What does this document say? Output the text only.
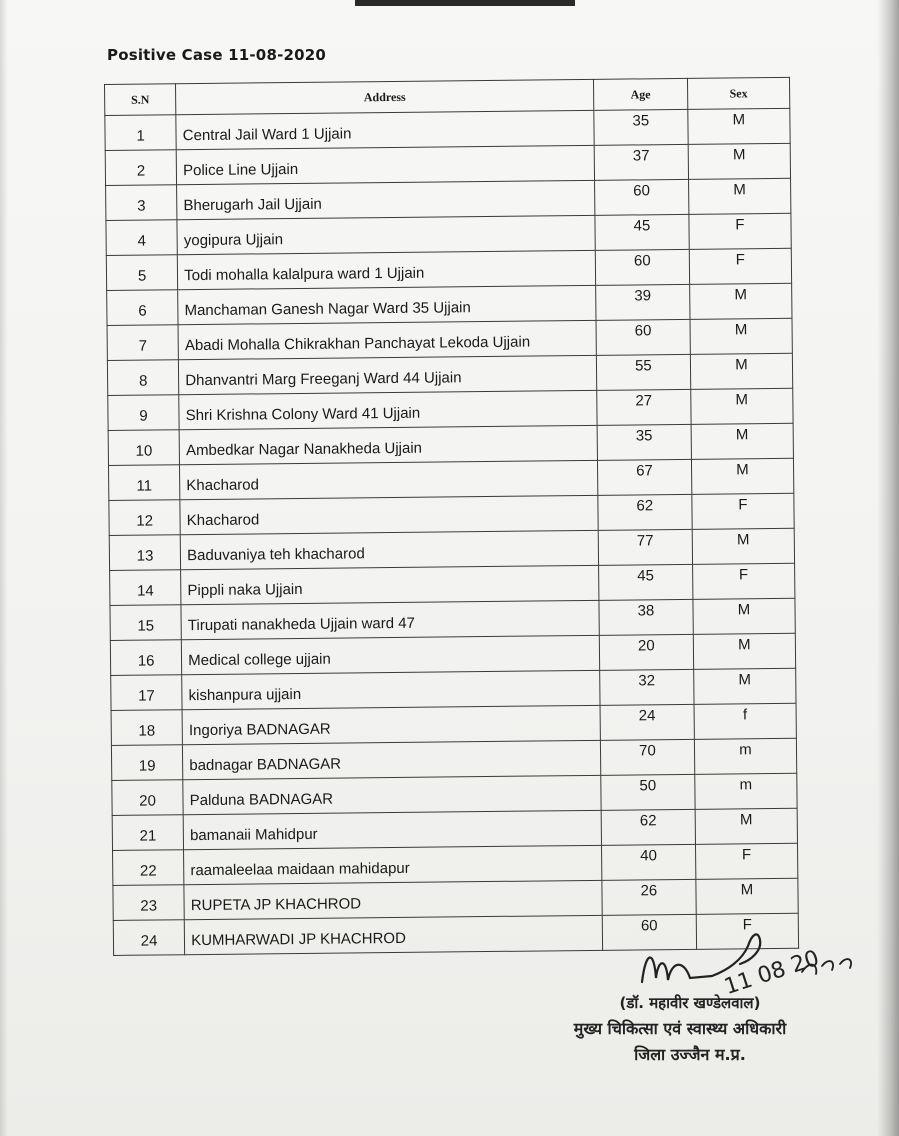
Positive Case 11-08-2020
S.N	Address	Age	Sex
1	Central Jail Ward 1 Ujjain	35	M
2	Police Line Ujjain	37	M
3	Bherugarh Jail Ujjain	60	M
4	yogipura Ujjain	45	F
5	Todi mohalla kalalpura ward 1 Ujjain	60	F
6	Manchaman Ganesh Nagar Ward 35 Ujjain	39	M
7	Abadi Mohalla Chikrakhan Panchayat Lekoda Ujjain	60	M
8	Dhanvantri Marg Freeganj Ward 44 Ujjain	55	M
9	Shri Krishna Colony Ward 41 Ujjain	27	M
10	Ambedkar Nagar Nanakheda Ujjain	35	M
11	Khacharod	67	M
12	Khacharod	62	F
13	Baduvaniya teh khacharod	77	M
14	Pippli naka Ujjain	45	F
15	Tirupati nanakheda Ujjain ward 47	38	M
16	Medical college ujjain	20	M
17	kishanpura ujjain	32	M
18	Ingoriya BADNAGAR	24	f
19	badnagar BADNAGAR	70	m
20	Palduna BADNAGAR	50	m
21	bamanaii Mahidpur	62	M
22	raamaleelaa maidaan mahidapur	40	F
23	RUPETA JP KHACHROD	26	M
24	KUMHARWADI JP KHACHROD	60	F
11 08 20
(डॉ. महावीर खण्डेलवाल)
मुख्य चिकित्सा एवं स्वास्थ्य अधिकारी
जिला उज्जैन म.प्र.
